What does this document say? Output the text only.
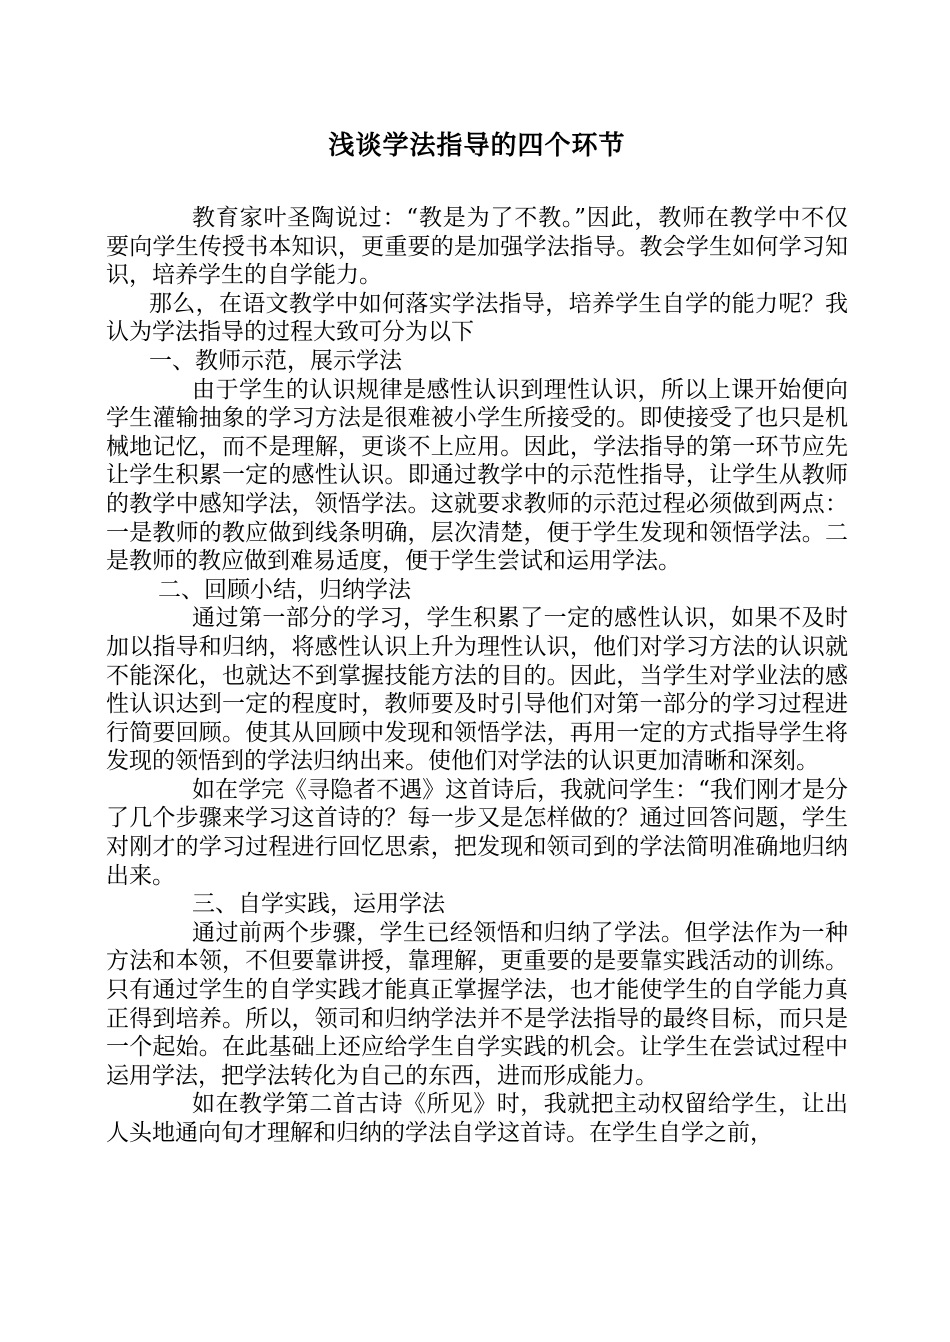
浅谈学法指导的四个环节

教育家叶圣陶说过：“教是为了不教。”因此，教师在教学中不仅要向学生传授书本知识，更重要的是加强学法指导。教会学生如何学习知识，培养学生的自学能力。

那么，在语文教学中如何落实学法指导，培养学生自学的能力呢？我认为学法指导的过程大致可分为以下

一、教师示范，展示学法

由于学生的认识规律是感性认识到理性认识，所以上课开始便向学生灌输抽象的学习方法是很难被小学生所接受的。即使接受了也只是机械地记忆，而不是理解，更谈不上应用。因此，学法指导的第一环节应先让学生积累一定的感性认识。即通过教学中的示范性指导，让学生从教师的教学中感知学法，领悟学法。这就要求教师的示范过程必须做到两点：一是教师的教应做到线条明确，层次清楚，便于学生发现和领悟学法。二是教师的教应做到难易适度，便于学生尝试和运用学法。

二、回顾小结，归纳学法

通过第一部分的学习，学生积累了一定的感性认识，如果不及时加以指导和归纳，将感性认识上升为理性认识，他们对学习方法的认识就不能深化，也就达不到掌握技能方法的目的。因此，当学生对学业法的感性认识达到一定的程度时，教师要及时引导他们对第一部分的学习过程进行简要回顾。使其从回顾中发现和领悟学法，再用一定的方式指导学生将发现的领悟到的学法归纳出来。使他们对学法的认识更加清晰和深刻。

如在学完《寻隐者不遇》这首诗后，我就问学生：“我们刚才是分了几个步骤来学习这首诗的？每一步又是怎样做的？通过回答问题，学生对刚才的学习过程进行回忆思索，把发现和领司到的学法简明准确地归纳出来。

三、自学实践，运用学法

通过前两个步骤，学生已经领悟和归纳了学法。但学法作为一种方法和本领，不但要靠讲授，靠理解，更重要的是要靠实践活动的训练。只有通过学生的自学实践才能真正掌握学法，也才能使学生的自学能力真正得到培养。所以，领司和归纳学法并不是学法指导的最终目标，而只是一个起始。在此基础上还应给学生自学实践的机会。让学生在尝试过程中运用学法，把学法转化为自己的东西，进而形成能力。

如在教学第二首古诗《所见》时，我就把主动权留给学生，让出人头地通向旬才理解和归纳的学法自学这首诗。在学生自学之前，
